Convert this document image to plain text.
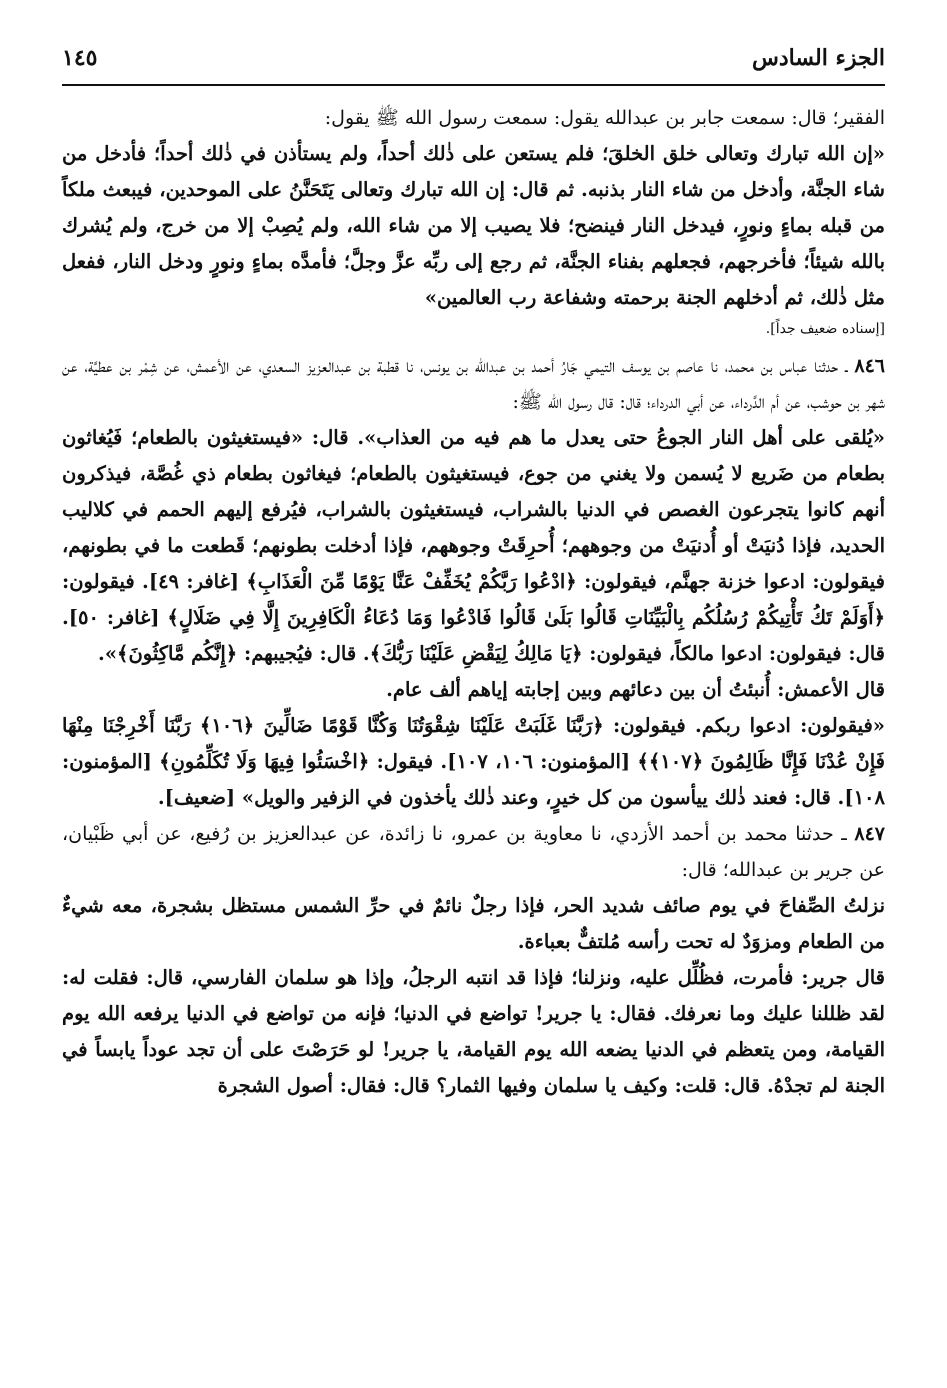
الجزء السادس
١٤٥

الفقير؛ قال: سمعت جابر بن عبدالله يقول: سمعت رسول الله ﷺ يقول:

«إن الله تبارك وتعالى خلق الخلقَ؛ فلم يستعن على ذٰلك أحداً، ولم يستأذن في ذٰلك أحداً؛ فأدخل من شاء الجنَّة، وأدخل من شاء النار بذنبه. ثم قال: إن الله تبارك وتعالى يَتَحَنَّنُ على الموحدين، فيبعث ملكاً من قبله بماءٍ ونورٍ، فيدخل النار فينضح؛ فلا يصيب إلا من شاء الله، ولم يُصِبْ إلا من خرج، ولم يُشرك بالله شيئاً؛ فأخرجهم، فجعلهم بفناء الجنَّة، ثم رجع إلى ربِّه عزَّ وجلَّ؛ فأمدَّه بماءٍ ونورٍ ودخل النار، ففعل مثل ذٰلك، ثم أدخلهم الجنة برحمته وشفاعة رب العالمين»

[إسناده ضعيف جداً].

٨٤٦ ـ حدثنا عباس بن محمد، نا عاصم بن يوسف التيمي جَارُ أحمد بن عبدالله بن يونس، نا قطبة بن عبدالعزيز السعدي، عن الأعمش، عن شِمْر بن عطيَّة، عن شهر بن حوشب، عن أم الدَّرداء، عن أبي الدرداء؛ قال: قال رسول الله ﷺ:

«يُلقى على أهل النار الجوعُ حتى يعدل ما هم فيه من العذاب». قال: «فيستغيثون بالطعام؛ فَيُغاثون بطعام من ضَريع لا يُسمن ولا يغني من جوع، فيستغيثون بالطعام؛ فيغاثون بطعام ذي غُصَّة، فيذكرون أنهم كانوا يتجرعون الغصص في الدنيا بالشراب، فيستغيثون بالشراب، فيُرفع إليهم الحمم في كلاليب الحديد، فإذا دُنيَتْ أو أُدنيَتْ من وجوههم؛ أُحرِقَتْ وجوههم، فإذا أدخلت بطونهم؛ قَطعت ما في بطونهم، فيقولون: ادعوا خزنة جهنَّم، فيقولون: ﴿ادْعُوا رَبَّكُمْ يُخَفِّفْ عَنَّا يَوْمًا مِّنَ الْعَذَابِ﴾ [غافر: ٤٩]. فيقولون: ﴿أَوَلَمْ تَكُ تَأْتِيكُمْ رُسُلُكُم بِالْبَيِّنَاتِ قَالُوا بَلَىٰ قَالُوا فَادْعُوا وَمَا دُعَاءُ الْكَافِرِينَ إِلَّا فِي ضَلَالٍ﴾ [غافر: ٥٠]. قال: فيقولون: ادعوا مالكاً، فيقولون: ﴿يَا مَالِكُ لِيَقْضِ عَلَيْنَا رَبُّكَ﴾. قال: فيُجيبهم: ﴿إِنَّكُم مَّاكِثُونَ﴾».

قال الأعمش: أُنبئتُ أن بين دعائهم وبين إجابته إياهم ألف عام.

«فيقولون: ادعوا ربكم. فيقولون: ﴿رَبَّنَا غَلَبَتْ عَلَيْنَا شِقْوَتُنَا وَكُنَّا قَوْمًا ضَالِّينَ ﴿١٠٦﴾ رَبَّنَا أَخْرِجْنَا مِنْهَا فَإِنْ عُدْنَا فَإِنَّا ظَالِمُونَ ﴿١٠٧﴾﴾ [المؤمنون: ١٠٦، ١٠٧]. فيقول: ﴿اخْسَئُوا فِيهَا وَلَا تُكَلِّمُونِ﴾ [المؤمنون: ١٠٨]. قال: فعند ذٰلك ييأسون من كل خيرٍ، وعند ذٰلك يأخذون في الزفير والويل» [ضعيف].

٨٤٧ ـ حدثنا محمد بن أحمد الأزدي، نا معاوية بن عمرو، نا زائدة، عن عبدالعزيز بن رُفيع، عن أبي ظَبْيان، عن جرير بن عبدالله؛ قال:

نزلتُ الصِّفاحَ في يوم صائف شديد الحر، فإذا رجلٌ نائمٌ في حرِّ الشمس مستظل بشجرة، معه شيءٌ من الطعام ومزوَدٌ له تحت رأسه مُلتفٌّ بعباءة.

قال جرير: فأمرت، فظُلِّل عليه، ونزلنا؛ فإذا قد انتبه الرجلُ، وإذا هو سلمان الفارسي، قال: فقلت له: لقد ظللنا عليك وما نعرفك. فقال: يا جرير! تواضع في الدنيا؛ فإنه من تواضع في الدنيا يرفعه الله يوم القيامة، ومن يتعظم في الدنيا يضعه الله يوم القيامة، يا جرير! لو حَرَصْتَ على أن تجد عوداً يابساً في الجنة لم تجدْهُ. قال: قلت: وكيف يا سلمان وفيها الثمار؟ قال: فقال: أصول الشجرة
